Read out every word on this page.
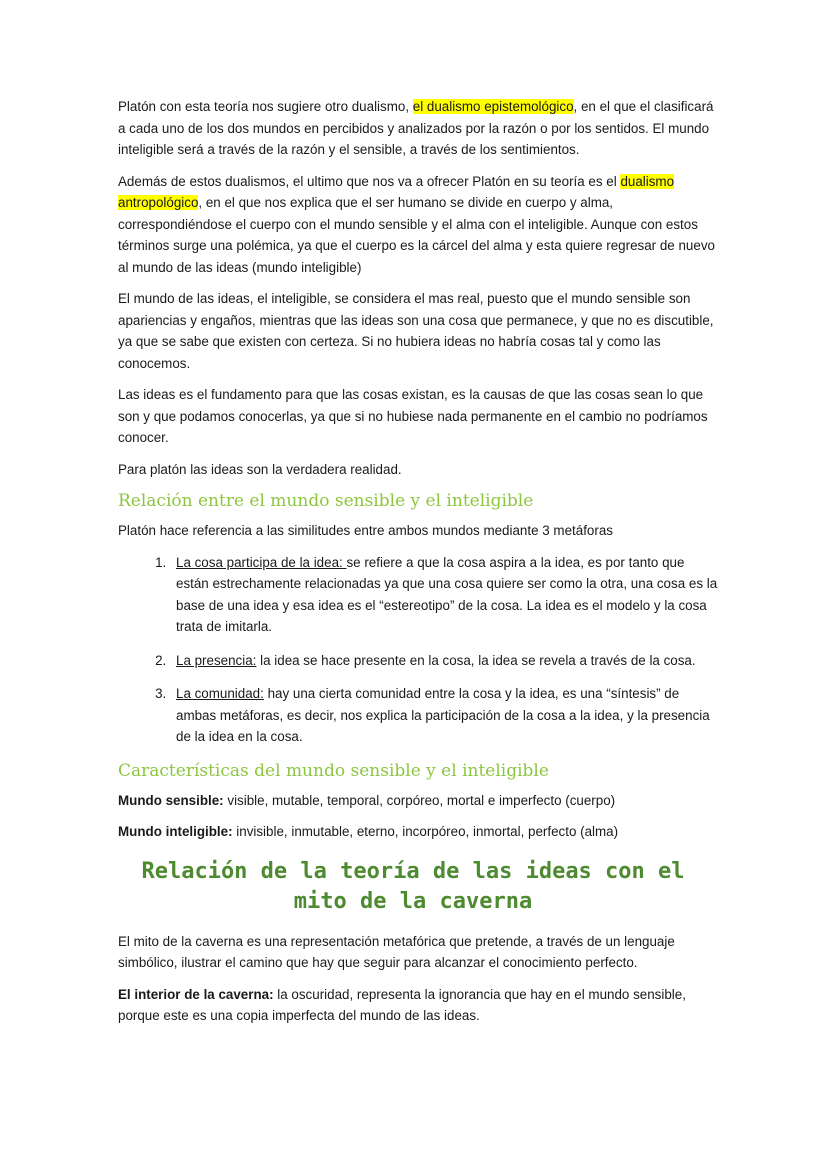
Platón con esta teoría nos sugiere otro dualismo, el dualismo epistemológico, en el que el clasificará a cada uno de los dos mundos en percibidos y analizados por la razón o por los sentidos. El mundo inteligible será a través de la razón y el sensible, a través de los sentimientos.

Además de estos dualismos, el ultimo que nos va a ofrecer Platón en su teoría es el dualismo antropológico, en el que nos explica que el ser humano se divide en cuerpo y alma, correspondiéndose el cuerpo con el mundo sensible y el alma con el inteligible. Aunque con estos términos surge una polémica, ya que el cuerpo es la cárcel del alma y esta quiere regresar de nuevo al mundo de las ideas (mundo inteligible)

El mundo de las ideas, el inteligible, se considera el mas real, puesto que el mundo sensible son apariencias y engaños, mientras que las ideas son una cosa que permanece, y que no es discutible, ya que se sabe que existen con certeza. Si no hubiera ideas no habría cosas tal y como las conocemos.

Las ideas es el fundamento para que las cosas existan, es la causas de que las cosas sean lo que son y que podamos conocerlas, ya que si no hubiese nada permanente en el cambio no podríamos conocer.

Para platón las ideas son la verdadera realidad.

Relación entre el mundo sensible y el inteligible

Platón hace referencia a las similitudes entre ambos mundos mediante 3 metáforas

1. La cosa participa de la idea: se refiere a que la cosa aspira a la idea, es por tanto que están estrechamente relacionadas ya que una cosa quiere ser como la otra, una cosa es la base de una idea y esa idea es el “estereotipo” de la cosa. La idea es el modelo y la cosa trata de imitarla.
2. La presencia: la idea se hace presente en la cosa, la idea se revela a través de la cosa.
3. La comunidad: hay una cierta comunidad entre la cosa y la idea, es una “síntesis” de ambas metáforas, es decir, nos explica la participación de la cosa a la idea, y la presencia de la idea en la cosa.
Características del mundo sensible y el inteligible

Mundo sensible: visible, mutable, temporal, corpóreo, mortal e imperfecto (cuerpo)

Mundo inteligible: invisible, inmutable, eterno, incorpóreo, inmortal, perfecto (alma)

Relación de la teoría de las ideas con el mito de la caverna

El mito de la caverna es una representación metafórica que pretende, a través de un lenguaje simbólico, ilustrar el camino que hay que seguir para alcanzar el conocimiento perfecto.

El interior de la caverna: la oscuridad, representa la ignorancia que hay en el mundo sensible, porque este es una copia imperfecta del mundo de las ideas.
